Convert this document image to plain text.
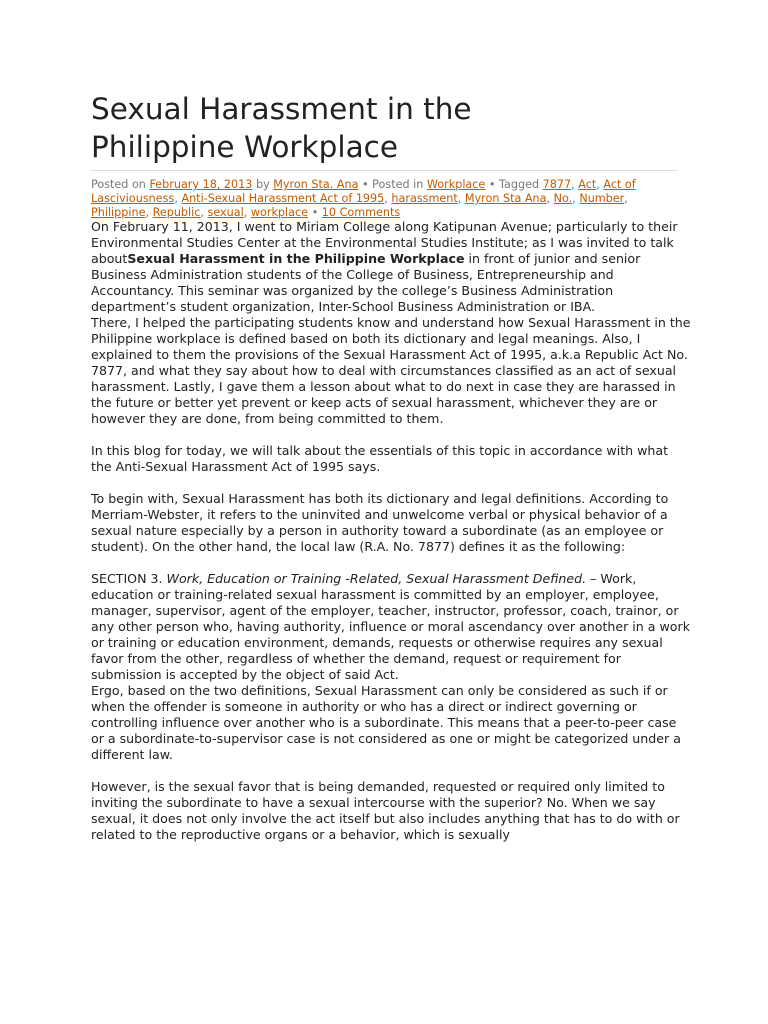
Sexual Harassment in the
Philippine Workplace
Posted on February 18, 2013 by Myron Sta. Ana • Posted in Workplace • Tagged 7877, Act, Act of Lasciviousness, Anti-Sexual Harassment Act of 1995, harassment, Myron Sta Ana, No., Number, Philippine, Republic, sexual, workplace • 10 Comments

On February 11, 2013, I went to Miriam College along Katipunan Avenue; particularly to their Environmental Studies Center at the Environmental Studies Institute; as I was invited to talk aboutSexual Harassment in the Philippine Workplace in front of junior and senior Business Administration students of the College of Business, Entrepreneurship and Accountancy. This seminar was organized by the college’s Business Administration department’s student organization, Inter-School Business Administration or IBA.

There, I helped the participating students know and understand how Sexual Harassment in the Philippine workplace is defined based on both its dictionary and legal meanings. Also, I explained to them the provisions of the Sexual Harassment Act of 1995, a.k.a Republic Act No. 7877, and what they say about how to deal with circumstances classified as an act of sexual harassment. Lastly, I gave them a lesson about what to do next in case they are harassed in the future or better yet prevent or keep acts of sexual harassment, whichever they are or however they are done, from being committed to them.

In this blog for today, we will talk about the essentials of this topic in accordance with what the Anti-Sexual Harassment Act of 1995 says.

To begin with, Sexual Harassment has both its dictionary and legal definitions. According to Merriam-Webster, it refers to the uninvited and unwelcome verbal or physical behavior of a sexual nature especially by a person in authority toward a subordinate (as an employee or student). On the other hand, the local law (R.A. No. 7877) defines it as the following:

SECTION 3. Work, Education or Training -Related, Sexual Harassment Defined. – Work, education or training-related sexual harassment is committed by an employer, employee, manager, supervisor, agent of the employer, teacher, instructor, professor, coach, trainor, or any other person who, having authority, influence or moral ascendancy over another in a work or training or education environment, demands, requests or otherwise requires any sexual favor from the other, regardless of whether the demand, request or requirement for submission is accepted by the object of said Act.

Ergo, based on the two definitions, Sexual Harassment can only be considered as such if or when the offender is someone in authority or who has a direct or indirect governing or controlling influence over another who is a subordinate. This means that a peer-to-peer case or a subordinate-to-supervisor case is not considered as one or might be categorized under a different law.

However, is the sexual favor that is being demanded, requested or required only limited to inviting the subordinate to have a sexual intercourse with the superior? No. When we say sexual, it does not only involve the act itself but also includes anything that has to do with or related to the reproductive organs or a behavior, which is sexually
